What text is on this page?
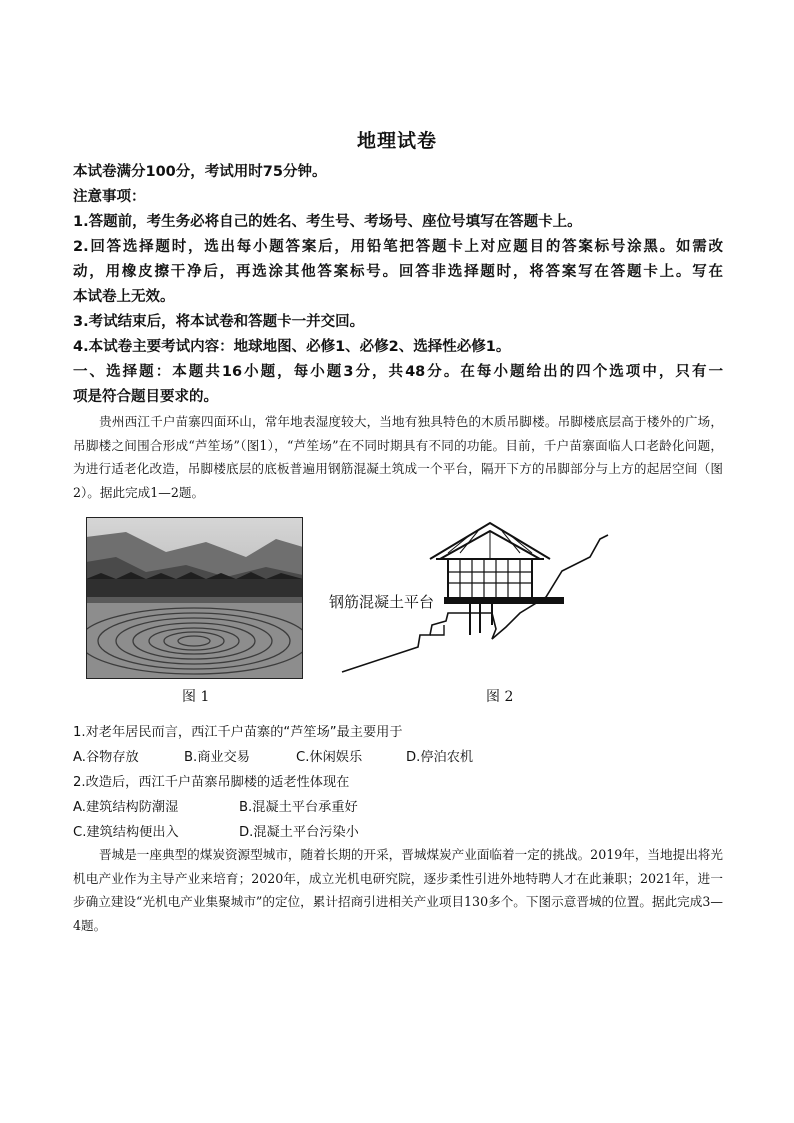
地理试卷
本试卷满分100分，考试用时75分钟。
注意事项：
1.答题前，考生务必将自己的姓名、考生号、考场号、座位号填写在答题卡上。
2.回答选择题时，选出每小题答案后，用铅笔把答题卡上对应题目的答案标号涂黑。如需改
动，用橡皮擦干净后，再选涂其他答案标号。回答非选择题时，将答案写在答题卡上。写在
本试卷上无效。
3.考试结束后，将本试卷和答题卡一并交回。
4.本试卷主要考试内容：地球地图、必修1、必修2、选择性必修1。
一、选择题：本题共16小题，每小题3分，共48分。在每小题给出的四个选项中，只有一
项是符合题目要求的。
贵州西江千户苗寨四面环山，常年地表湿度较大，当地有独具特色的木质吊脚楼。吊脚楼底层高于楼外的广场，吊脚楼之间围合形成“芦笙场”（图1），“芦笙场”在不同时期具有不同的功能。目前，千户苗寨面临人口老龄化问题，为进行适老化改造，吊脚楼底层的底板普遍用钢筋混凝土筑成一个平台，隔开下方的吊脚部分与上方的起居空间（图2）。据此完成1—2题。
图 1
钢筋混凝土平台
图 2
1.对老年居民而言，西江千户苗寨的“芦笙场”最主要用于
A.谷物存放	B.商业交易	C.休闲娱乐	D.停泊农机
2.改造后，西江千户苗寨吊脚楼的适老性体现在
A.建筑结构防潮湿	B.混凝土平台承重好
C.建筑结构便出入	D.混凝土平台污染小
晋城是一座典型的煤炭资源型城市，随着长期的开采，晋城煤炭产业面临着一定的挑战。2019年，当地提出将光机电产业作为主导产业来培育；2020年，成立光机电研究院，逐步柔性引进外地特聘人才在此兼职；2021年，进一步确立建设“光机电产业集聚城市”的定位，累计招商引进相关产业项目130多个。下图示意晋城的位置。据此完成3—4题。
